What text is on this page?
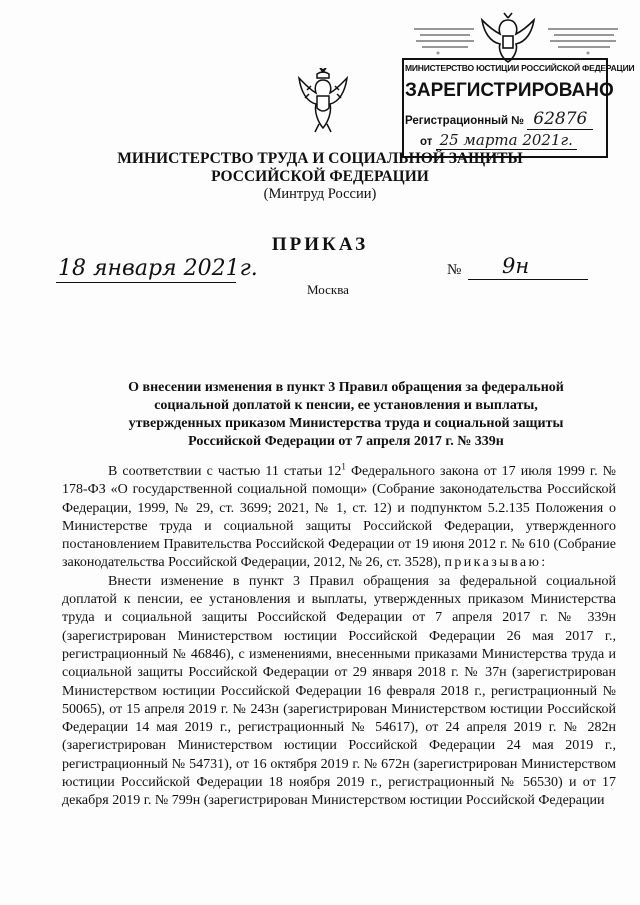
МИНИСТЕРСТВО ЮСТИЦИИ РОССИЙСКОЙ ФЕДЕРАЦИИ
ЗАРЕГИСТРИРОВАНО
Регистрационный № 62876
от 25 марта 2021г.
МИНИСТЕРСТВО ТРУДА И СОЦИАЛЬНОЙ ЗАЩИТЫ
РОССИЙСКОЙ ФЕДЕРАЦИИ
(Минтруд России)
ПРИКАЗ
18 января 2021г.	№ 9н
Москва
О внесении изменения в пункт 3 Правил обращения за федеральной социальной доплатой к пенсии, ее установления и выплаты, утвержденных приказом Министерства труда и социальной защиты Российской Федерации от 7 апреля 2017 г. № 339н

В соответствии с частью 11 статьи $12^1$ Федерального закона от 17 июля 1999 г. № 178-ФЗ «О государственной социальной помощи» (Собрание законодательства Российской Федерации, 1999, № 29, ст. 3699; 2021, № 1, ст. 12) и подпунктом 5.2.135 Положения о Министерстве труда и социальной защиты Российской Федерации, утвержденного постановлением Правительства Российской Федерации от 19 июня 2012 г. № 610 (Собрание законодательства Российской Федерации, 2012, № 26, ст. 3528), приказываю:

Внести изменение в пункт 3 Правил обращения за федеральной социальной доплатой к пенсии, ее установления и выплаты, утвержденных приказом Министерства труда и социальной защиты Российской Федерации от 7 апреля 2017 г. № 339н (зарегистрирован Министерством юстиции Российской Федерации 26 мая 2017 г., регистрационный № 46846), с изменениями, внесенными приказами Министерства труда и социальной защиты Российской Федерации от 29 января 2018 г. № 37н (зарегистрирован Министерством юстиции Российской Федерации 16 февраля 2018 г., регистрационный № 50065), от 15 апреля 2019 г. № 243н (зарегистрирован Министерством юстиции Российской Федерации 14 мая 2019 г., регистрационный № 54617), от 24 апреля 2019 г. № 282н (зарегистрирован Министерством юстиции Российской Федерации 24 мая 2019 г., регистрационный № 54731), от 16 октября 2019 г. № 672н (зарегистрирован Министерством юстиции Российской Федерации 18 ноября 2019 г., регистрационный № 56530) и от 17 декабря 2019 г. № 799н (зарегистрирован Министерством юстиции Российской Федерации
